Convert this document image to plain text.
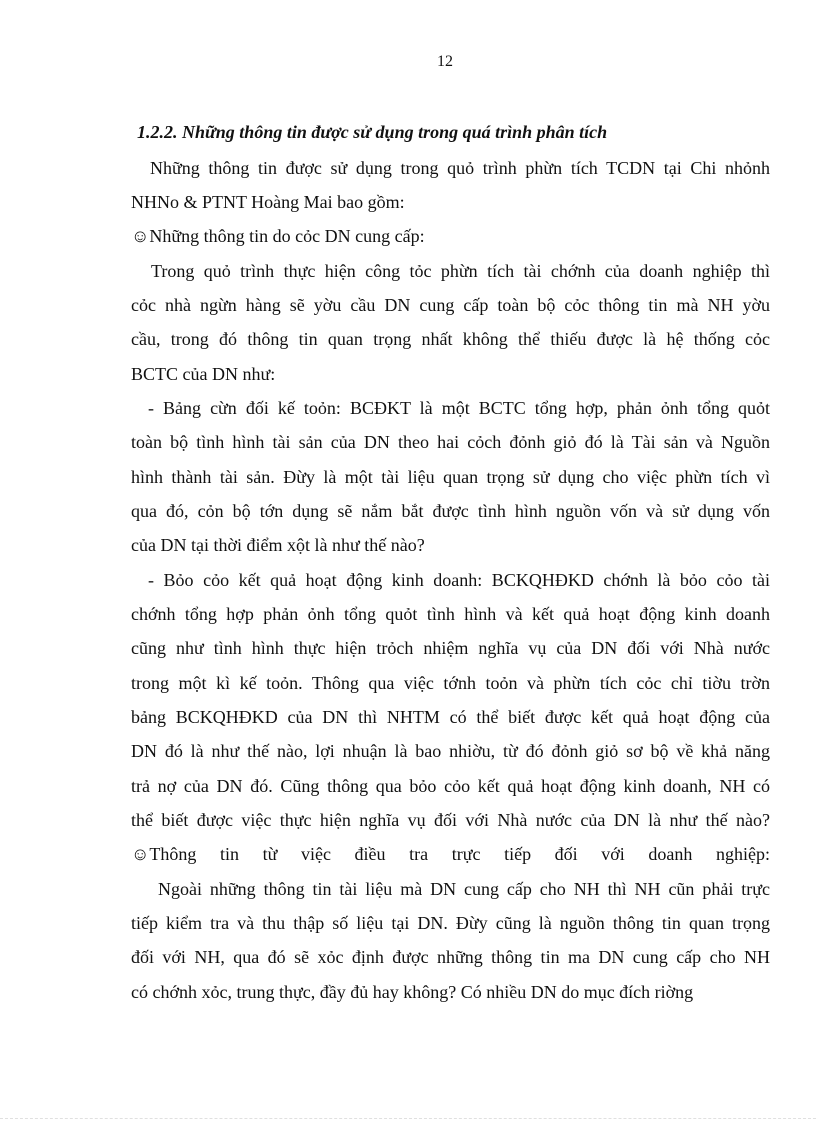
12
1.2.2. Những thông tin được sử dụng trong quá trình phân tích
Những thông tin được sử dụng trong quỏ trình phừn tích TCDN tại Chi nhỏnh
NHNo & PTNT Hoàng Mai bao gồm:
☺Những thông tin do cỏc DN cung cấp:
Trong quỏ trình thực hiện công tỏc phừn tích tài chớnh của doanh nghiệp thì
cỏc nhà ngừn hàng sẽ yờu cầu DN cung cấp toàn bộ cỏc thông tin mà NH yờu
cầu, trong đó thông tin quan trọng nhất không thể thiếu được là hệ thống cỏc
BCTC của DN như:
- Bảng cừn đối kế toỏn: BCĐKT là một BCTC tổng hợp, phản ỏnh tổng quỏt
toàn bộ tình hình tài sản của DN theo hai cỏch đỏnh giỏ đó là Tài sản và Nguồn
hình thành tài sản. Đừy là một tài liệu quan trọng sử dụng cho việc phừn tích vì
qua đó, cỏn bộ tớn dụng sẽ nắm bắt được tình hình nguồn vốn và sử dụng vốn
của DN tại thời điểm xột là như thế nào?
- Bỏo cỏo kết quả hoạt động kinh doanh: BCKQHĐKD chớnh là bỏo cỏo tài
chớnh tổng hợp phản ỏnh tổng quỏt tình hình và kết quả hoạt động kinh doanh
cũng như tình hình thực hiện trỏch nhiệm nghĩa vụ của DN đối với Nhà nước
trong một kì kế toỏn. Thông qua việc tớnh toỏn và phừn tích cỏc chỉ tiờu trờn
bảng BCKQHĐKD của DN thì NHTM có thể biết được kết quả hoạt động của
DN đó là như thế nào, lợi nhuận là bao nhiờu, từ đó đỏnh giỏ sơ bộ về khả năng
trả nợ của DN đó. Cũng thông qua bỏo cỏo kết quả hoạt động kinh doanh, NH có
thể biết được việc thực hiện nghĩa vụ đối với Nhà nước của DN là như thế nào?
☺Thông tin từ việc điều tra trực tiếp đối với doanh nghiệp:
Ngoài những thông tin tài liệu mà DN cung cấp cho NH thì NH cũn phải trực
tiếp kiểm tra và thu thập số liệu tại DN. Đừy cũng là nguồn thông tin quan trọng
đối với NH, qua đó sẽ xỏc định được những thông tin ma DN cung cấp cho NH
có chớnh xỏc, trung thực, đầy đủ hay không? Có nhiều DN do mục đích riờng
